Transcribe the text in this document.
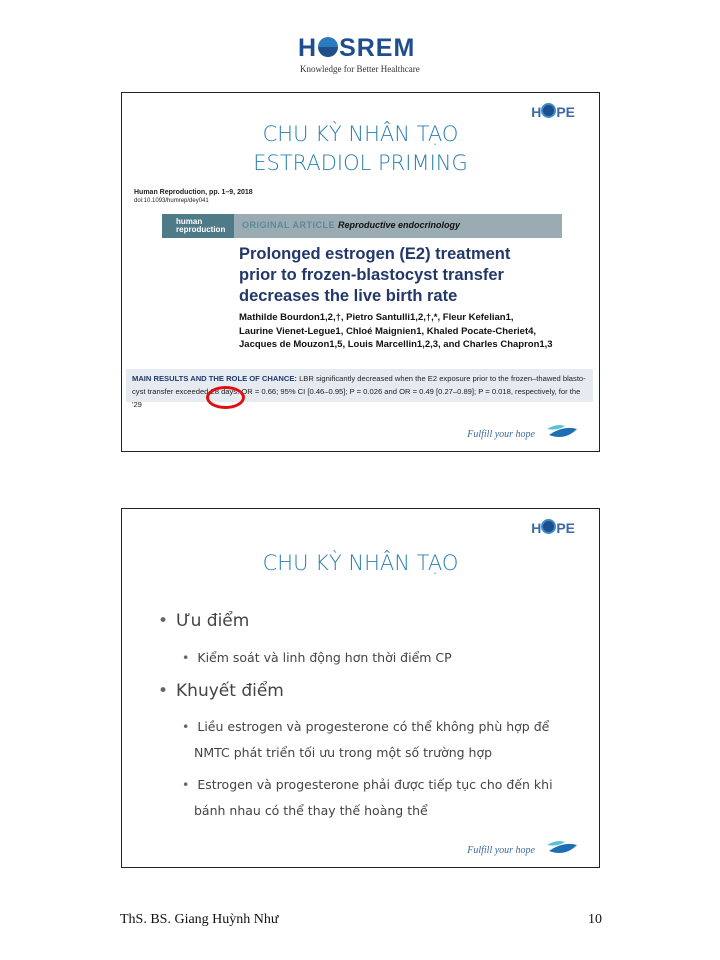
H SREM
Knowledge for Better Healthcare
H PE
CHU KỲ NHÂN TẠO
ESTRADIOL PRIMING
Human Reproduction, pp. 1–9, 2018
doi:10.1093/humrep/dey041
human reproduction	ORIGINAL ARTICLE Reproductive endocrinology
Prolonged estrogen (E2) treatment
prior to frozen-blastocyst transfer
decreases the live birth rate
Mathilde Bourdon1,2,†, Pietro Santulli1,2,†,*, Fleur Kefelian1,
Laurine Vienet-Legue1, Chloé Maignien1, Khaled Pocate-Cheriet4,
Jacques de Mouzon1,5, Louis Marcellin1,2,3, and Charles Chapron1,3
MAIN RESULTS AND THE ROLE OF CHANCE: LBR significantly decreased when the E2 exposure prior to the frozen–thawed blasto-
cyst transfer exceeded 28 days: OR = 0.66; 95% CI [0.46–0.95]; P = 0.026 and OR = 0.49 [0.27–0.89]; P = 0.018, respectively, for the '29
Fulfill your hope
H PE
CHU KỲ NHÂN TẠO
• Ưu điểm
• Kiểm soát và linh động hơn thời điểm CP
• Khuyết điểm
• Liều estrogen và progesterone có thể không phù hợp để
NMTC phát triển tối ưu trong một số trường hợp
• Estrogen và progesterone phải được tiếp tục cho đến khi
bánh nhau có thể thay thế hoàng thể
Fulfill your hope
ThS. BS. Giang Huỳnh Như	10
